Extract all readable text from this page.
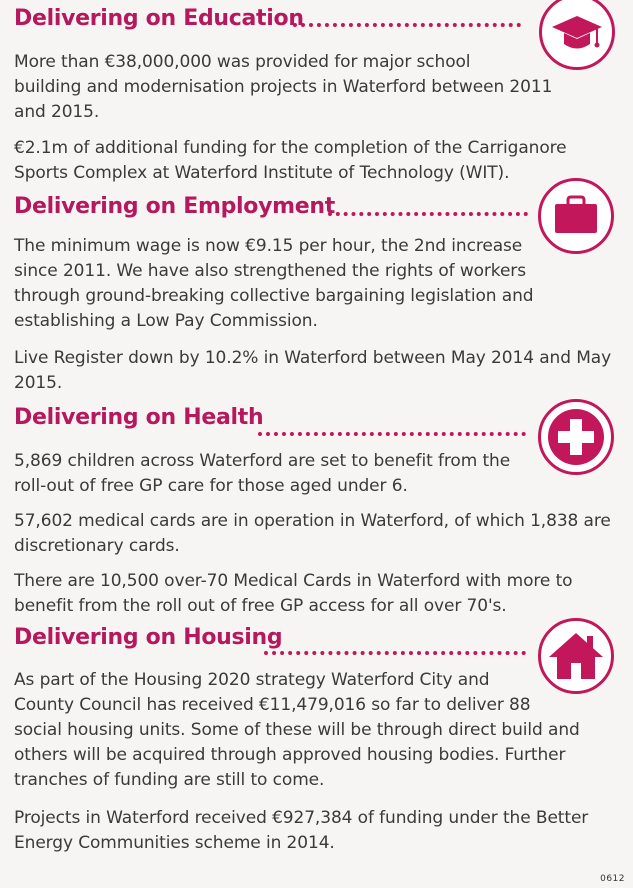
Delivering on Education
More than €38,000,000 was provided for major school
building and modernisation projects in Waterford between 2011
and 2015.
€2.1m of additional funding for the completion of the Carriganore
Sports Complex at Waterford Institute of Technology (WIT).
Delivering on Employment
The minimum wage is now €9.15 per hour, the 2nd increase
since 2011. We have also strengthened the rights of workers
through ground-breaking collective bargaining legislation and
establishing a Low Pay Commission.
Live Register down by 10.2% in Waterford between May 2014 and May
2015.
Delivering on Health
5,869 children across Waterford are set to benefit from the
roll-out of free GP care for those aged under 6.
57,602 medical cards are in operation in Waterford, of which 1,838 are
discretionary cards.
There are 10,500 over-70 Medical Cards in Waterford with more to
benefit from the roll out of free GP access for all over 70's.
Delivering on Housing
As part of the Housing 2020 strategy Waterford City and
County Council has received €11,479,016 so far to deliver 88
social housing units. Some of these will be through direct build and
others will be acquired through approved housing bodies. Further
tranches of funding are still to come.
Projects in Waterford received €927,384 of funding under the Better
Energy Communities scheme in 2014.
0612
